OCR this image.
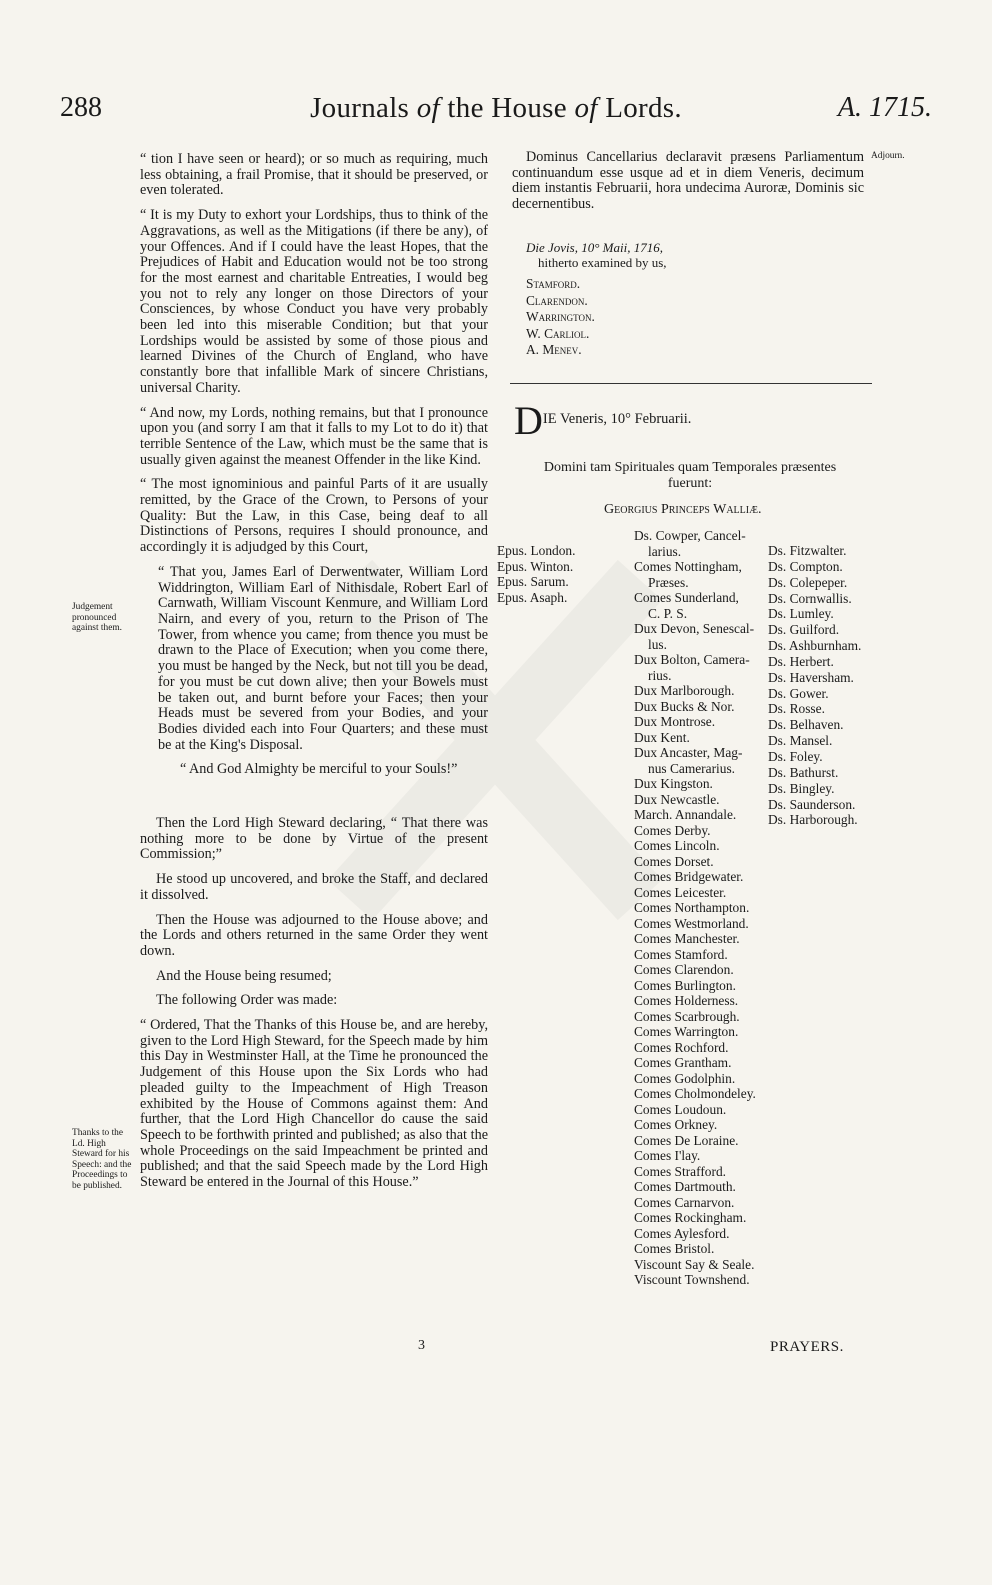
288	Journals of the House of Lords.	A. 1715.

“ tion I have seen or heard); or so much as requiring, much less obtaining, a frail Promise, that it should be preserved, or even tolerated.

“ It is my Duty to exhort your Lordships, thus to think of the Aggravations, as well as the Mitigations (if there be any), of your Offences. And if I could have the least Hopes, that the Prejudices of Habit and Education would not be too strong for the most earnest and charitable Entreaties, I would beg you not to rely any longer on those Directors of your Consciences, by whose Conduct you have very probably been led into this miserable Condition; but that your Lordships would be assisted by some of those pious and learned Divines of the Church of England, who have constantly bore that infallible Mark of sincere Christians, universal Charity.

“ And now, my Lords, nothing remains, but that I pronounce upon you (and sorry I am that it falls to my Lot to do it) that terrible Sentence of the Law, which must be the same that is usually given against the meanest Offender in the like Kind.

“ The most ignominious and painful Parts of it are usually remitted, by the Grace of the Crown, to Persons of your Quality: But the Law, in this Case, being deaf to all Distinctions of Persons, requires I should pronounce, and accordingly it is adjudged by this Court,

“ That you, James Earl of Derwentwater, William Lord Widdrington, William Earl of Nithisdale, Robert Earl of Carnwath, William Viscount Kenmure, and William Lord Nairn, and every of you, return to the Prison of The Tower, from whence you came; from thence you must be drawn to the Place of Execution; when you come there, you must be hanged by the Neck, but not till you be dead, for you must be cut down alive; then your Bowels must be taken out, and burnt before your Faces; then your Heads must be severed from your Bodies, and your Bodies divided each into Four Quarters; and these must be at the King's Disposal.

“ And God Almighty be merciful to your Souls!”

Then the Lord High Steward declaring, “ That there was nothing more to be done by Virtue of the present Commission;”

He stood up uncovered, and broke the Staff, and declared it dissolved.

Then the House was adjourned to the House above; and the Lords and others returned in the same Order they went down.

And the House being resumed;

The following Order was made:

“ Ordered, That the Thanks of this House be, and are hereby, given to the Lord High Steward, for the Speech made by him this Day in Westminster Hall, at the Time he pronounced the Judgement of this House upon the Six Lords who had pleaded guilty to the Impeachment of High Treason exhibited by the House of Commons against them: And further, that the Lord High Chancellor do cause the said Speech to be forthwith printed and published; as also that the whole Proceedings on the said Impeachment be printed and published; and that the said Speech made by the Lord High Steward be entered in the Journal of this House.”

3
Judgement pronounced against them.
Thanks to the Ld. High Steward for his Speech: and the Proceedings to be published.
Adjourn.
Dominus Cancellarius declaravit præsens Parliamentum continuandum esse usque ad et in diem Veneris, decimum diem instantis Februarii, hora undecima Auroræ, Dominis sic decernentibus.
Die Jovis, 10° Maii, 1716,
hitherto examined by us,
Stamford.
Clarendon.
Warrington.
W. Carliol.
A. Menev.
DIE Veneris, 10° Februarii.
Domini tam Spirituales quam Temporales præsentes
fuerunt:
Georgius Princeps Walliæ.
Epus. London.
Epus. Winton.
Epus. Sarum.
Epus. Asaph.
Ds. Cowper, Cancel-
larius.
Comes Nottingham,
Præses.
Comes Sunderland,
C. P. S.
Dux Devon, Senescal-
lus.
Dux Bolton, Camera-
rius.
Dux Marlborough.
Dux Bucks & Nor.
Dux Montrose.
Dux Kent.
Dux Ancaster, Mag-
nus Camerarius.
Dux Kingston.
Dux Newcastle.
March. Annandale.
Comes Derby.
Comes Lincoln.
Comes Dorset.
Comes Bridgewater.
Comes Leicester.
Comes Northampton.
Comes Westmorland.
Comes Manchester.
Comes Stamford.
Comes Clarendon.
Comes Burlington.
Comes Holderness.
Comes Scarbrough.
Comes Warrington.
Comes Rochford.
Comes Grantham.
Comes Godolphin.
Comes Cholmondeley.
Comes Loudoun.
Comes Orkney.
Comes De Loraine.
Comes I'lay.
Comes Strafford.
Comes Dartmouth.
Comes Carnarvon.
Comes Rockingham.
Comes Aylesford.
Comes Bristol.
Viscount Say & Seale.
Viscount Townshend.
Ds. Fitzwalter.
Ds. Compton.
Ds. Colepeper.
Ds. Cornwallis.
Ds. Lumley.
Ds. Guilford.
Ds. Ashburnham.
Ds. Herbert.
Ds. Haversham.
Ds. Gower.
Ds. Rosse.
Ds. Belhaven.
Ds. Mansel.
Ds. Foley.
Ds. Bathurst.
Ds. Bingley.
Ds. Saunderson.
Ds. Harborough.
PRAYERS.
